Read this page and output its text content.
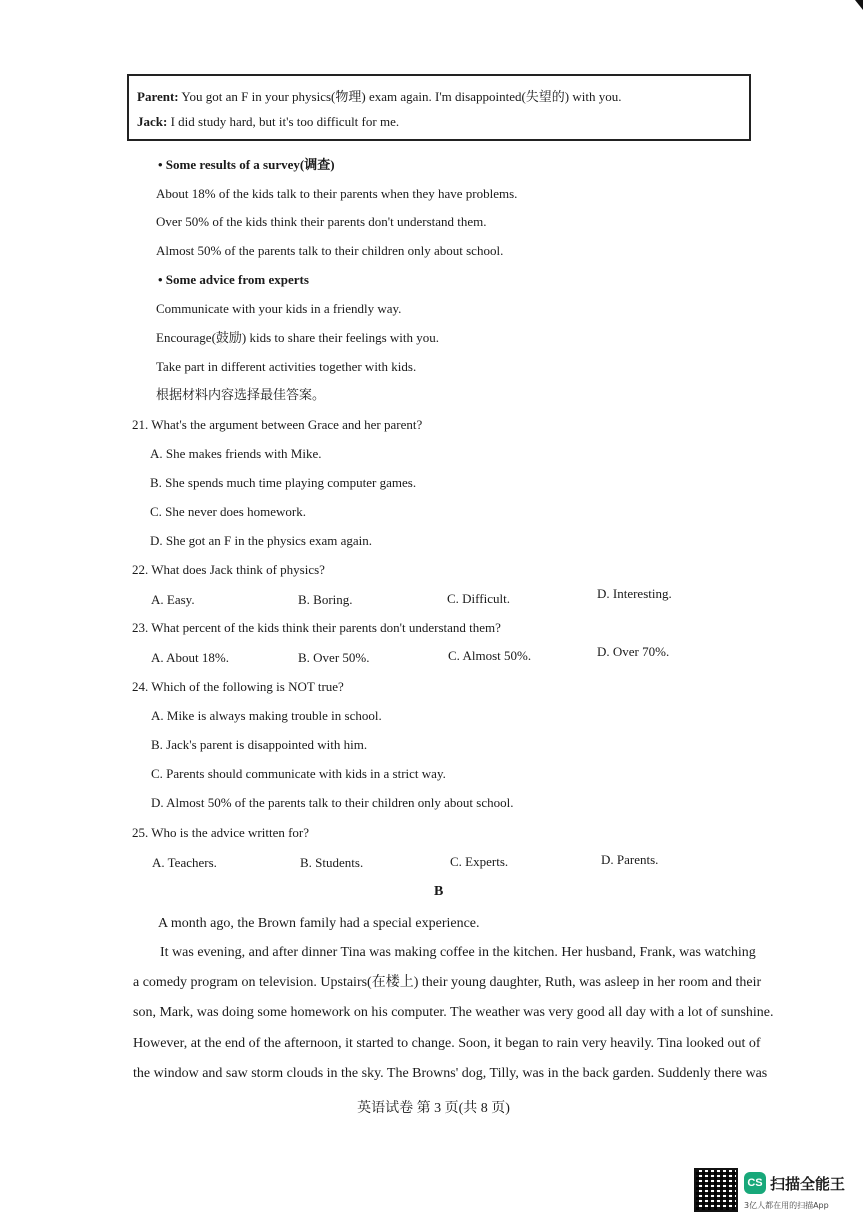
Parent: You got an F in your physics(物理) exam again. I'm disappointed(失望的) with you.
Jack: I did study hard, but it's too difficult for me.
• Some results of a survey(调查)
About 18% of the kids talk to their parents when they have problems.
Over 50% of the kids think their parents don't understand them.
Almost 50% of the parents talk to their children only about school.
• Some advice from experts
Communicate with your kids in a friendly way.
Encourage(鼓励) kids to share their feelings with you.
Take part in different activities together with kids.
根据材料内容选择最佳答案。
21. What's the argument between Grace and her parent?
A. She makes friends with Mike.
B. She spends much time playing computer games.
C. She never does homework.
D. She got an F in the physics exam again.
22. What does Jack think of physics?
A. Easy.	B. Boring.	C. Difficult.	D. Interesting.
23. What percent of the kids think their parents don't understand them?
A. About 18%.	B. Over 50%.	C. Almost 50%.	D. Over 70%.
24. Which of the following is NOT true?
A. Mike is always making trouble in school.
B. Jack's parent is disappointed with him.
C. Parents should communicate with kids in a strict way.
D. Almost 50% of the parents talk to their children only about school.
25. Who is the advice written for?
A. Teachers.	B. Students.	C. Experts.	D. Parents.
B
A month ago, the Brown family had a special experience.
It was evening, and after dinner Tina was making coffee in the kitchen. Her husband, Frank, was watching
a comedy program on television. Upstairs(在楼上) their young daughter, Ruth, was asleep in her room and their
son, Mark, was doing some homework on his computer. The weather was very good all day with a lot of sunshine.
However, at the end of the afternoon, it started to change. Soon, it began to rain very heavily. Tina looked out of
the window and saw storm clouds in the sky. The Browns' dog, Tilly, was in the back garden. Suddenly there was
英语试卷 第 3 页(共 8 页)
CS 扫描全能王
3亿人都在用的扫描App
